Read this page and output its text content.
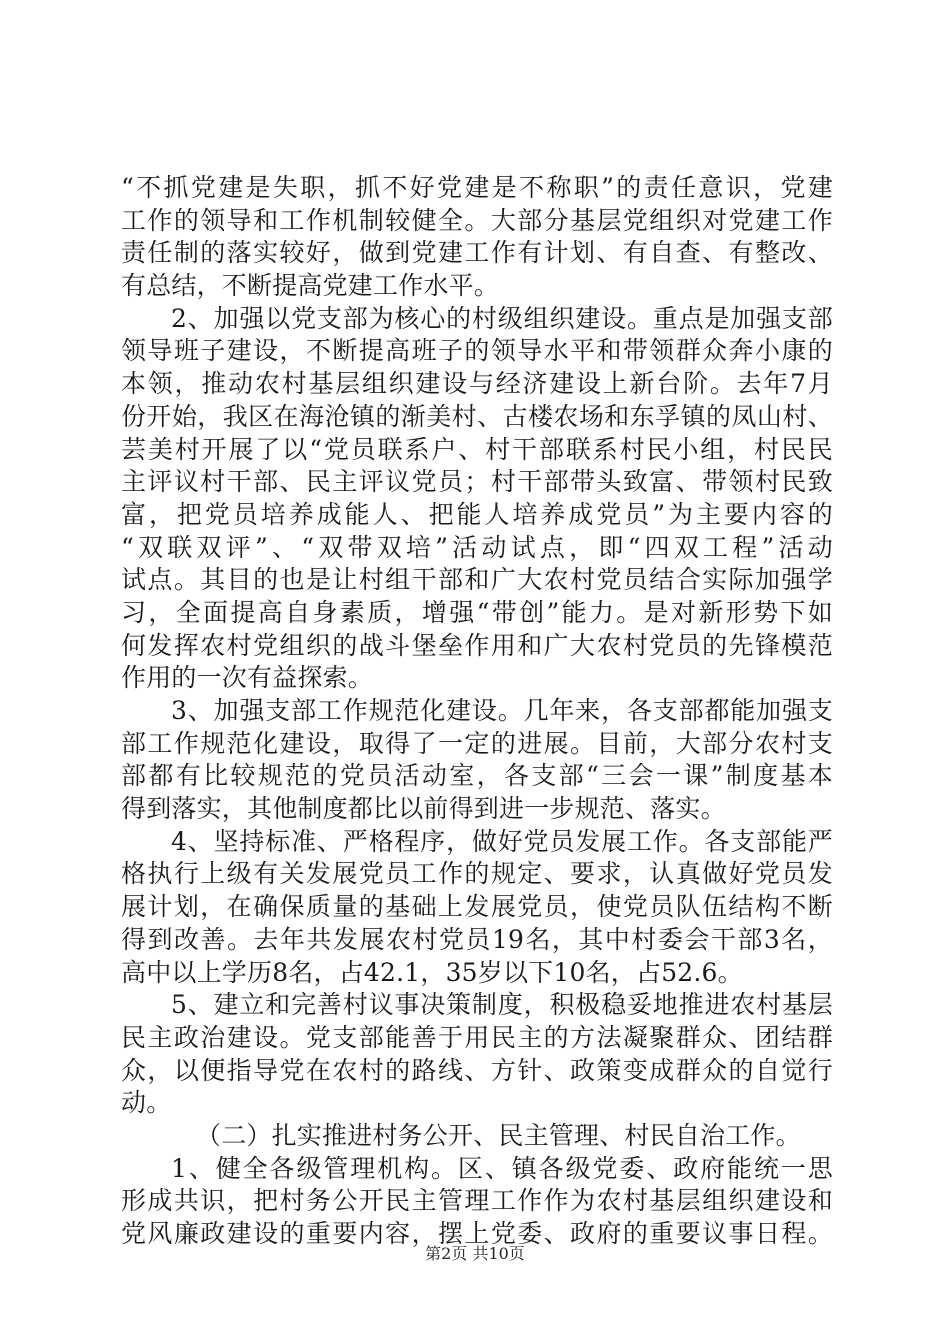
“不抓党建是失职，抓不好党建是不称职”的责任意识，党建
工作的领导和工作机制较健全。大部分基层党组织对党建工作
责任制的落实较好，做到党建工作有计划、有自查、有整改、
有总结，不断提高党建工作水平。
2、加强以党支部为核心的村级组织建设。重点是加强支部
领导班子建设，不断提高班子的领导水平和带领群众奔小康的
本领，推动农村基层组织建设与经济建设上新台阶。去年7月
份开始，我区在海沧镇的渐美村、古楼农场和东孚镇的凤山村、
芸美村开展了以“党员联系户、村干部联系村民小组，村民民
主评议村干部、民主评议党员；村干部带头致富、带领村民致
富，把党员培养成能人、把能人培养成党员”为主要内容的
“双联双评”、“双带双培”活动试点，即“四双工程”活动
试点。其目的也是让村组干部和广大农村党员结合实际加强学
习，全面提高自身素质，增强“带创”能力。是对新形势下如
何发挥农村党组织的战斗堡垒作用和广大农村党员的先锋模范
作用的一次有益探索。
3、加强支部工作规范化建设。几年来，各支部都能加强支
部工作规范化建设，取得了一定的进展。目前，大部分农村支
部都有比较规范的党员活动室，各支部“三会一课”制度基本
得到落实，其他制度都比以前得到进一步规范、落实。
4、坚持标准、严格程序，做好党员发展工作。各支部能严
格执行上级有关发展党员工作的规定、要求，认真做好党员发
展计划，在确保质量的基础上发展党员，使党员队伍结构不断
得到改善。去年共发展农村党员19名，其中村委会干部3名，
高中以上学历8名，占42.1，35岁以下10名，占52.6。
5、建立和完善村议事决策制度，积极稳妥地推进农村基层
民主政治建设。党支部能善于用民主的方法凝聚群众、团结群
众，以便指导党在农村的路线、方针、政策变成群众的自觉行
动。
（二）扎实推进村务公开、民主管理、村民自治工作。
1、健全各级管理机构。区、镇各级党委、政府能统一思
形成共识，把村务公开民主管理工作作为农村基层组织建设和
党风廉政建设的重要内容，摆上党委、政府的重要议事日程。
第2页 共10页
